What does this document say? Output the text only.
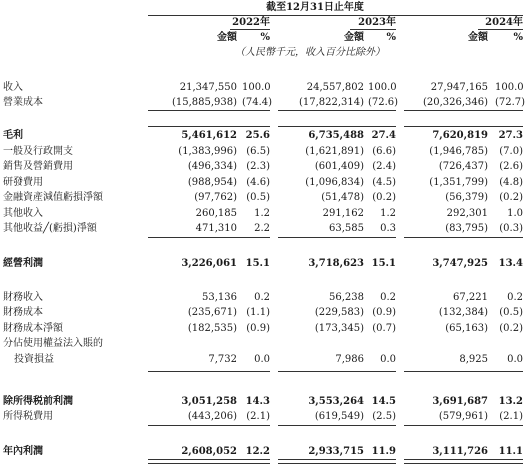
截至12月31日止年度
2022年	2023年	2024年
金額	%	金額	%	金額	%
（人民幣千元，收入百分比除外）
收入	21,347,550 100.0	24,557,802 100.0	27,947,165 100.0
營業成本	(15,885,938) (74.4)	(17,822,314) (72.6)	(20,326,346) (72.7)
毛利	5,461,612 25.6	6,735,488 27.4	7,620,819	27.3
一般及行政開支	(1,383,996) (6.5)	(1,621,891) (6.6)	(1,946,785)	(7.0)
銷售及營銷費用	(496,334) (2.3)	(601,409) (2.4)	(726,437)	(2.6)
研發費用	(988,954) (4.6)	(1,096,834) (4.5)	(1,351,799)	(4.8)
金融資產減值虧損淨額	(97,762) (0.5)	(51,478) (0.2)	(56,379)	(0.2)
其他收入	260,185	1.2	291,162	1.2	292,301	1.0
其他收益╱(虧損)淨額	471,310	2.2	63,585	0.3	(83,795)	(0.3)
經營利潤	3,226,061 15.1	3,718,623 15.1	3,747,925	13.4
財務收入	53,136	0.2	56,238	0.2	67,221	0.2
財務成本	(235,671) (1.1)	(229,583) (0.9)	(132,384)	(0.5)
財務成本淨額	(182,535) (0.9)	(173,345) (0.7)	(65,163)	(0.2)
分佔使用權益法入賬的
投資損益	7,732	0.0	7,986	0.0	8,925	0.0
除所得税前利潤	3,051,258 14.3	3,553,264 14.5	3,691,687	13.2
所得税費用	(443,206) (2.1)	(619,549) (2.5)	(579,961)	(2.1)
年內利潤	2,608,052 12.2	2,933,715 11.9	3,111,726	11.1
